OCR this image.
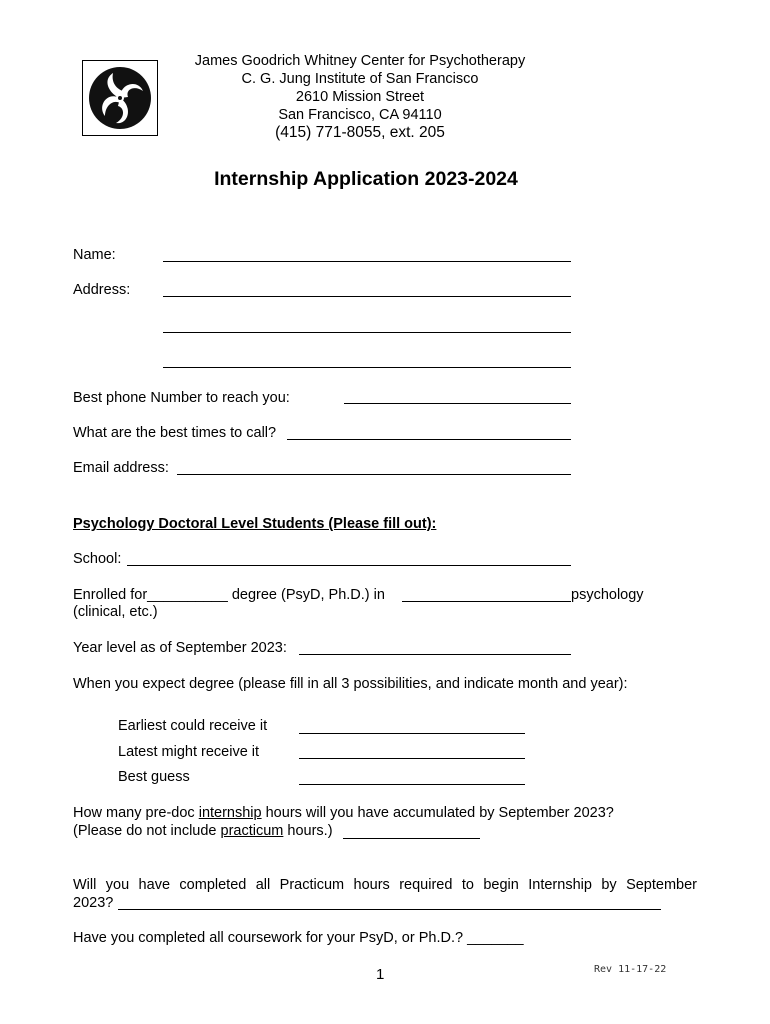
James Goodrich Whitney Center for Psychotherapy
C. G. Jung Institute of San Francisco
2610 Mission Street
San Francisco, CA 94110
(415) 771-8055, ext. 205
Internship Application 2023-2024
Name:
Address:
Best phone Number to reach you:
What are the best times to call?
Email address:
Psychology Doctoral Level Students (Please fill out):
School:
Enrolled for__________ degree (PsyD, Ph.D.) in	psychology
(clinical, etc.)
Year level as of September 2023:
When you expect degree (please fill in all 3 possibilities, and indicate month and year):
Earliest could receive it
Latest might receive it
Best guess
How many pre-doc internship hours will you have accumulated by September 2023?
(Please do not include practicum hours.)
Will you have completed all Practicum hours required to begin Internship by September
2023?
Have you completed all coursework for your PsyD, or Ph.D.? _______
1	Rev 11-17-22
